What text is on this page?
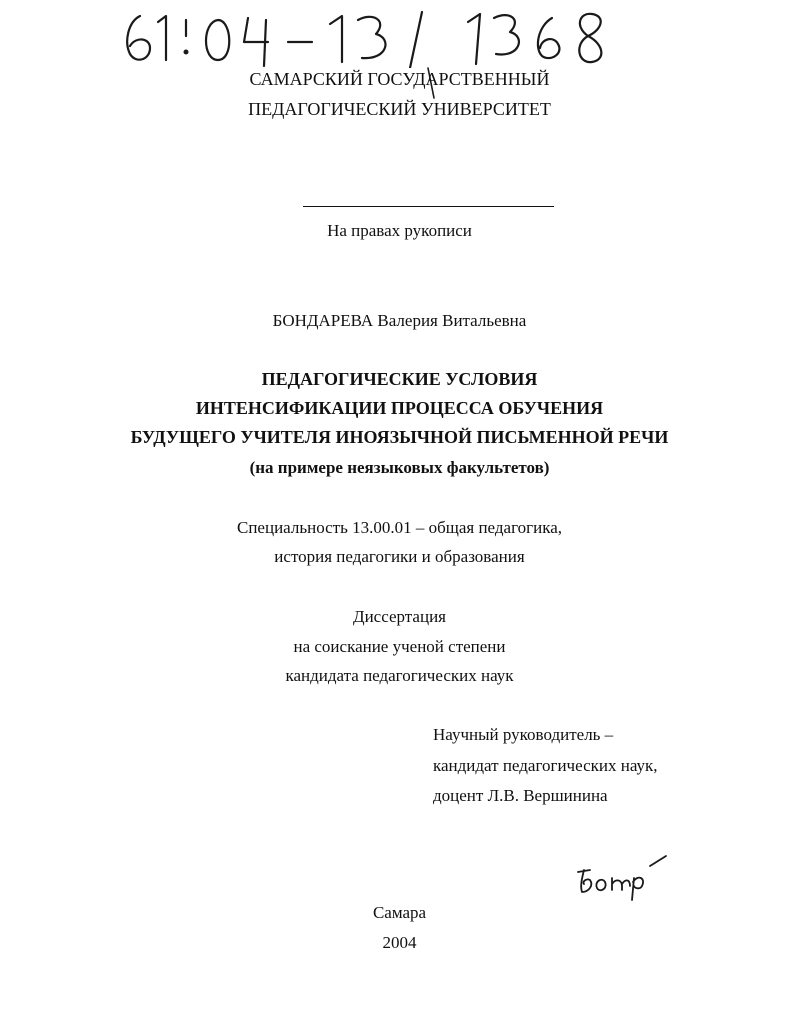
САМАРСКИЙ ГОСУДАРСТВЕННЫЙ
ПЕДАГОГИЧЕСКИЙ УНИВЕРСИТЕТ
На правах рукописи
БОНДАРЕВА Валерия Витальевна
ПЕДАГОГИЧЕСКИЕ УСЛОВИЯ
ИНТЕНСИФИКАЦИИ ПРОЦЕССА ОБУЧЕНИЯ
БУДУЩЕГО УЧИТЕЛЯ ИНОЯЗЫЧНОЙ ПИСЬМЕННОЙ РЕЧИ
(на примере неязыковых факультетов)
Специальность 13.00.01 – общая педагогика,
история педагогики и образования
Диссертация
на соискание ученой степени
кандидата педагогических наук
Научный руководитель –
кандидат педагогических наук,
доцент Л.В. Вершинина
Самара
2004
